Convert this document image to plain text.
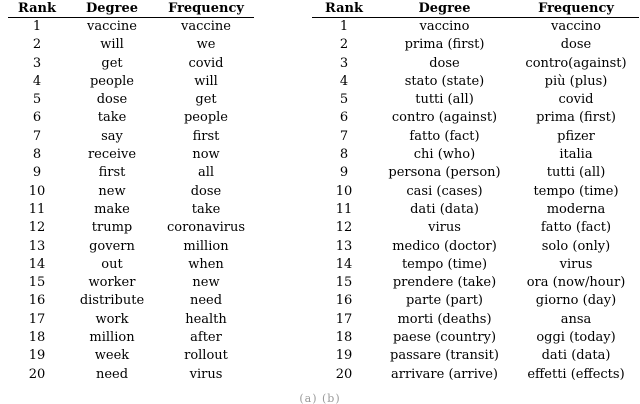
Rank	Degree	Frequency
1	vaccine	vaccine
2	will	we
3	get	covid
4	people	will
5	dose	get
6	take	people
7	say	first
8	receive	now
9	first	all
10	new	dose
11	make	take
12	trump	coronavirus
13	govern	million
14	out	when
15	worker	new
16	distribute	need
17	work	health
18	million	after
19	week	rollout
20	need	virus
Rank	Degree	Frequency
1	vaccino	vaccino
2	prima (first)	dose
3	dose	contro(against)
4	stato (state)	più (plus)
5	tutti (all)	covid
6	contro (against)	prima (first)
7	fatto (fact)	pfizer
8	chi (who)	italia
9	persona (person)	tutti (all)
10	casi (cases)	tempo (time)
11	dati (data)	moderna
12	virus	fatto (fact)
13	medico (doctor)	solo (only)
14	tempo (time)	virus
15	prendere (take)	ora (now/hour)
16	parte (part)	giorno (day)
17	morti (deaths)	ansa
18	paese (country)	oggi (today)
19	passare (transit)	dati (data)
20	arrivare (arrive)	effetti (effects)
(a) (b)
